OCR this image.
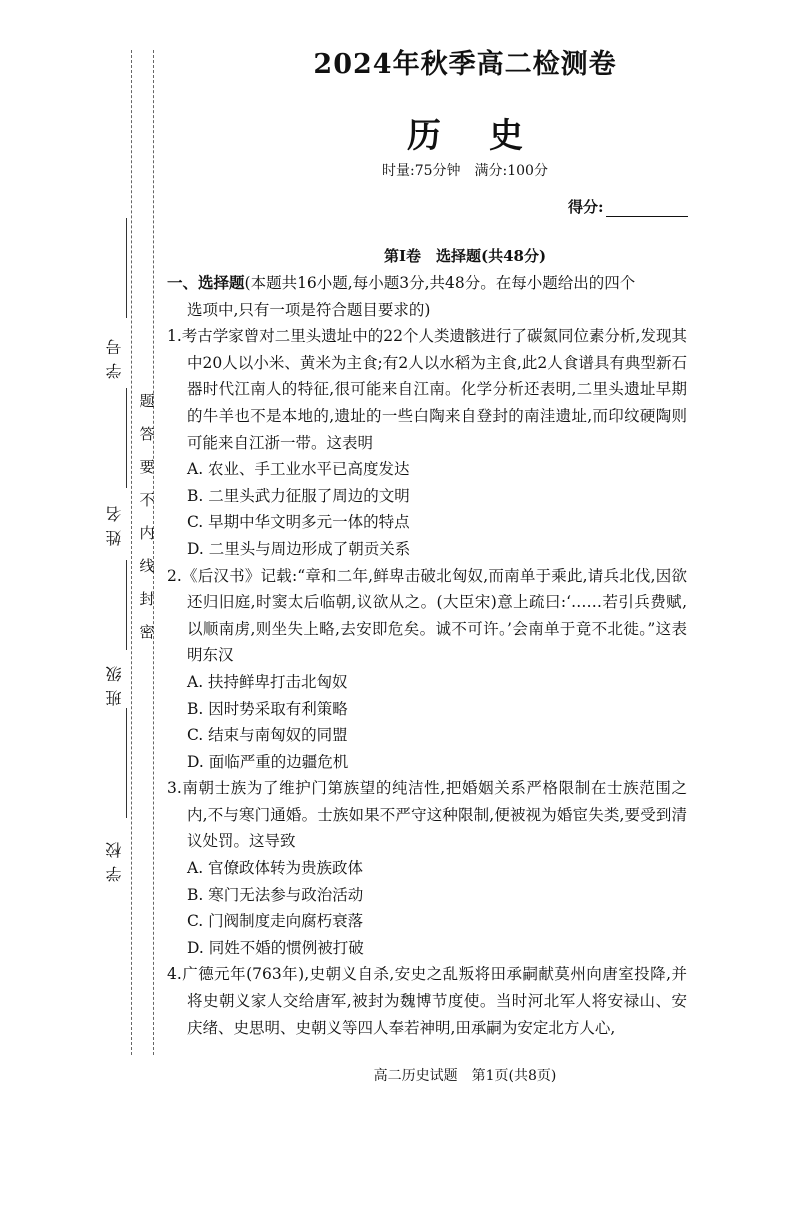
学号
姓名
班级
学校
题
答
要
不
内
线
封
密
2024年秋季高二检测卷
历史
时量:75分钟　满分:100分
得分:
第Ⅰ卷　选择题(共48分)
一、选择题(本题共16小题,每小题3分,共48分。在每小题给出的四个
选项中,只有一项是符合题目要求的)
1.考古学家曾对二里头遗址中的22个人类遗骸进行了碳氮同位素分析,发现其中20人以小米、黄米为主食;有2人以水稻为主食,此2人食谱具有典型新石器时代江南人的特征,很可能来自江南。化学分析还表明,二里头遗址早期的牛羊也不是本地的,遗址的一些白陶来自登封的南洼遗址,而印纹硬陶则可能来自江浙一带。这表明
A. 农业、手工业水平已高度发达
B. 二里头武力征服了周边的文明
C. 早期中华文明多元一体的特点
D. 二里头与周边形成了朝贡关系
2.《后汉书》记载:“章和二年,鲜卑击破北匈奴,而南单于乘此,请兵北伐,因欲还归旧庭,时窦太后临朝,议欲从之。(大臣宋)意上疏曰:‘……若引兵费赋,以顺南虏,则坐失上略,去安即危矣。诚不可许。’会南单于竟不北徙。”这表明东汉
A. 扶持鲜卑打击北匈奴
B. 因时势采取有利策略
C. 结束与南匈奴的同盟
D. 面临严重的边疆危机
3.南朝士族为了维护门第族望的纯洁性,把婚姻关系严格限制在士族范围之内,不与寒门通婚。士族如果不严守这种限制,便被视为婚宦失类,要受到清议处罚。这导致
A. 官僚政体转为贵族政体
B. 寒门无法参与政治活动
C. 门阀制度走向腐朽衰落
D. 同姓不婚的惯例被打破
4.广德元年(763年),史朝义自杀,安史之乱叛将田承嗣献莫州向唐室投降,并将史朝义家人交给唐军,被封为魏博节度使。当时河北军人将安禄山、安庆绪、史思明、史朝义等四人奉若神明,田承嗣为安定北方人心,
高二历史试题　第1页(共8页)
